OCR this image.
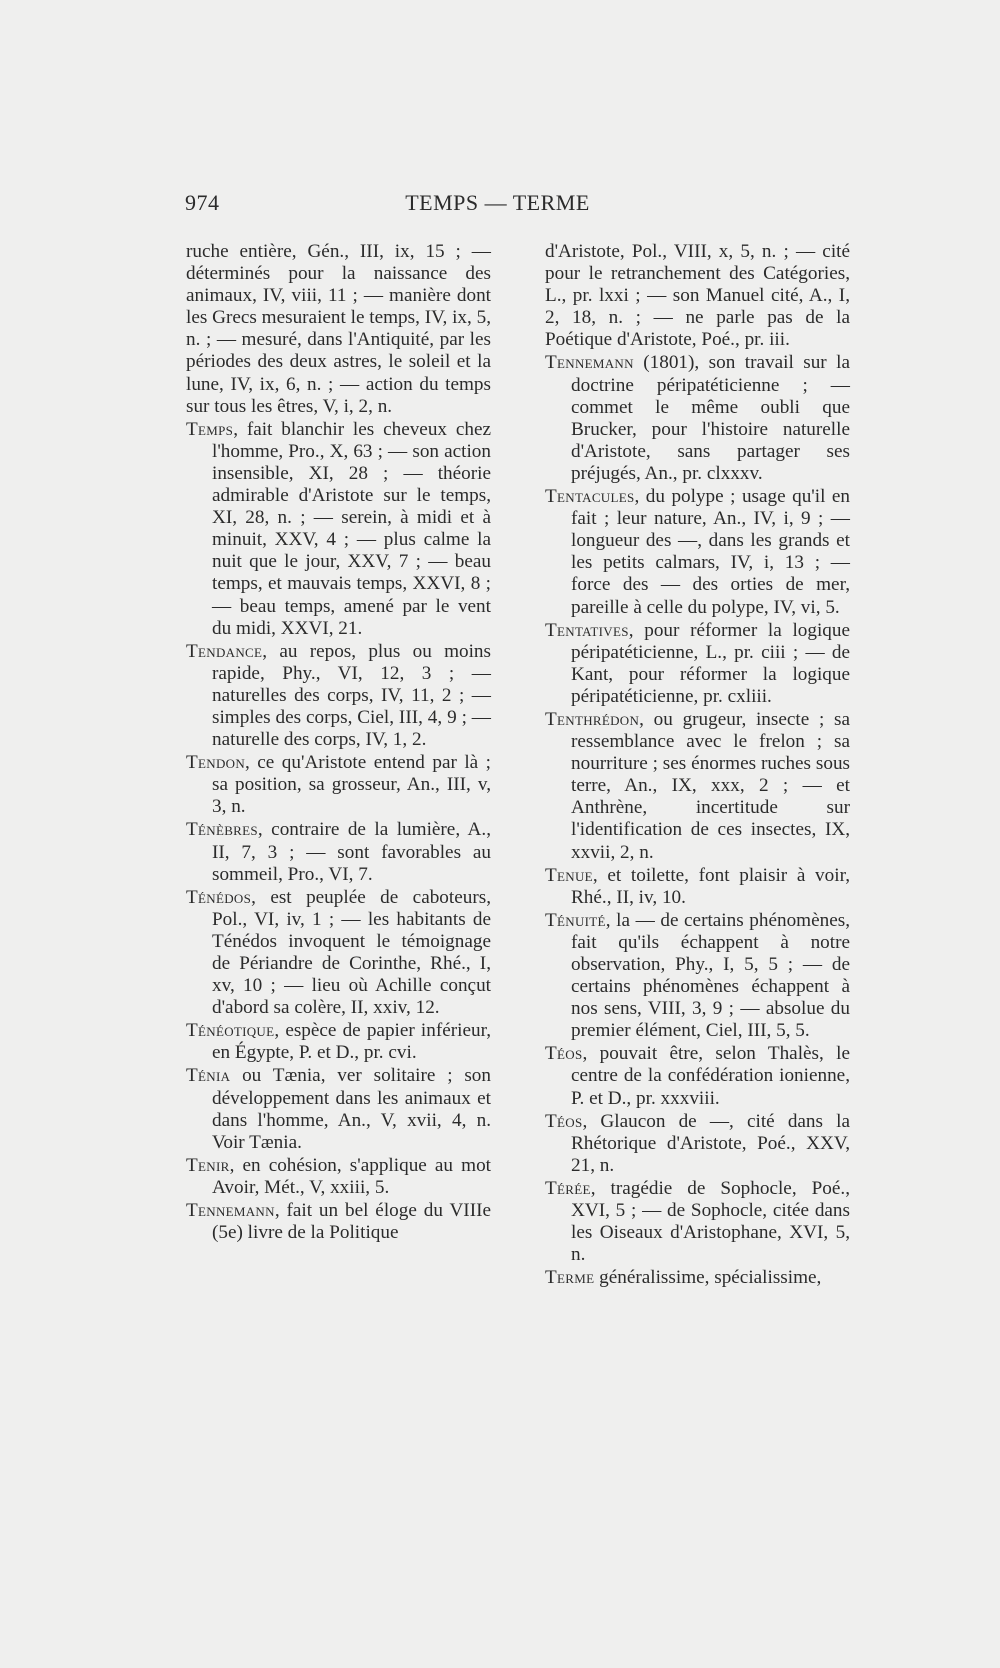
974	TEMPS — TERME

ruche entière, Gén., III, ix, 15 ; — déterminés pour la naissance des animaux, IV, viii, 11 ; — manière dont les Grecs mesuraient le temps, IV, ix, 5, n. ; — mesuré, dans l'Antiquité, par les périodes des deux astres, le soleil et la lune, IV, ix, 6, n. ; — action du temps sur tous les êtres, V, i, 2, n.

Temps, fait blanchir les cheveux chez l'homme, Pro., X, 63 ; — son action insensible, XI, 28 ; — théorie admirable d'Aristote sur le temps, XI, 28, n. ; — serein, à midi et à minuit, XXV, 4 ; — plus calme la nuit que le jour, XXV, 7 ; — beau temps, et mauvais temps, XXVI, 8 ; — beau temps, amené par le vent du midi, XXVI, 21.

Tendance, au repos, plus ou moins rapide, Phy., VI, 12, 3 ; — naturelles des corps, IV, 11, 2 ; — simples des corps, Ciel, III, 4, 9 ; — naturelle des corps, IV, 1, 2.

Tendon, ce qu'Aristote entend par là ; sa position, sa grosseur, An., III, v, 3, n.

Ténèbres, contraire de la lumière, A., II, 7, 3 ; — sont favorables au sommeil, Pro., VI, 7.

Ténédos, est peuplée de caboteurs, Pol., VI, iv, 1 ; — les habitants de Ténédos invoquent le témoignage de Périandre de Corinthe, Rhé., I, xv, 10 ; — lieu où Achille conçut d'abord sa colère, II, xxiv, 12.

Ténéotique, espèce de papier inférieur, en Égypte, P. et D., pr. cvi.

Ténia ou Tænia, ver solitaire ; son développement dans les animaux et dans l'homme, An., V, xvii, 4, n. Voir Tænia.

Tenir, en cohésion, s'applique au mot Avoir, Mét., V, xxiii, 5.

Tennemann, fait un bel éloge du VIIIe (5e) livre de la Politique

d'Aristote, Pol., VIII, x, 5, n. ; — cité pour le retranchement des Catégories, L., pr. lxxi ; — son Manuel cité, A., I, 2, 18, n. ; — ne parle pas de la Poétique d'Aristote, Poé., pr. iii.

Tennemann (1801), son travail sur la doctrine péripatéticienne ; — commet le même oubli que Brucker, pour l'histoire naturelle d'Aristote, sans partager ses préjugés, An., pr. clxxxv.

Tentacules, du polype ; usage qu'il en fait ; leur nature, An., IV, i, 9 ; — longueur des —, dans les grands et les petits calmars, IV, i, 13 ; — force des — des orties de mer, pareille à celle du polype, IV, vi, 5.

Tentatives, pour réformer la logique péripatéticienne, L., pr. ciii ; — de Kant, pour réformer la logique péripatéticienne, pr. cxliii.

Tenthrédon, ou grugeur, insecte ; sa ressemblance avec le frelon ; sa nourriture ; ses énormes ruches sous terre, An., IX, xxx, 2 ; — et Anthrène, incertitude sur l'identification de ces insectes, IX, xxvii, 2, n.

Tenue, et toilette, font plaisir à voir, Rhé., II, iv, 10.

Ténuité, la — de certains phénomènes, fait qu'ils échappent à notre observation, Phy., I, 5, 5 ; — de certains phénomènes échappent à nos sens, VIII, 3, 9 ; — absolue du premier élément, Ciel, III, 5, 5.

Téos, pouvait être, selon Thalès, le centre de la confédération ionienne, P. et D., pr. xxxviii.

Téos, Glaucon de —, cité dans la Rhétorique d'Aristote, Poé., XXV, 21, n.

Térée, tragédie de Sophocle, Poé., XVI, 5 ; — de Sophocle, citée dans les Oiseaux d'Aristophane, XVI, 5, n.

Terme généralissime, spécialissime,
